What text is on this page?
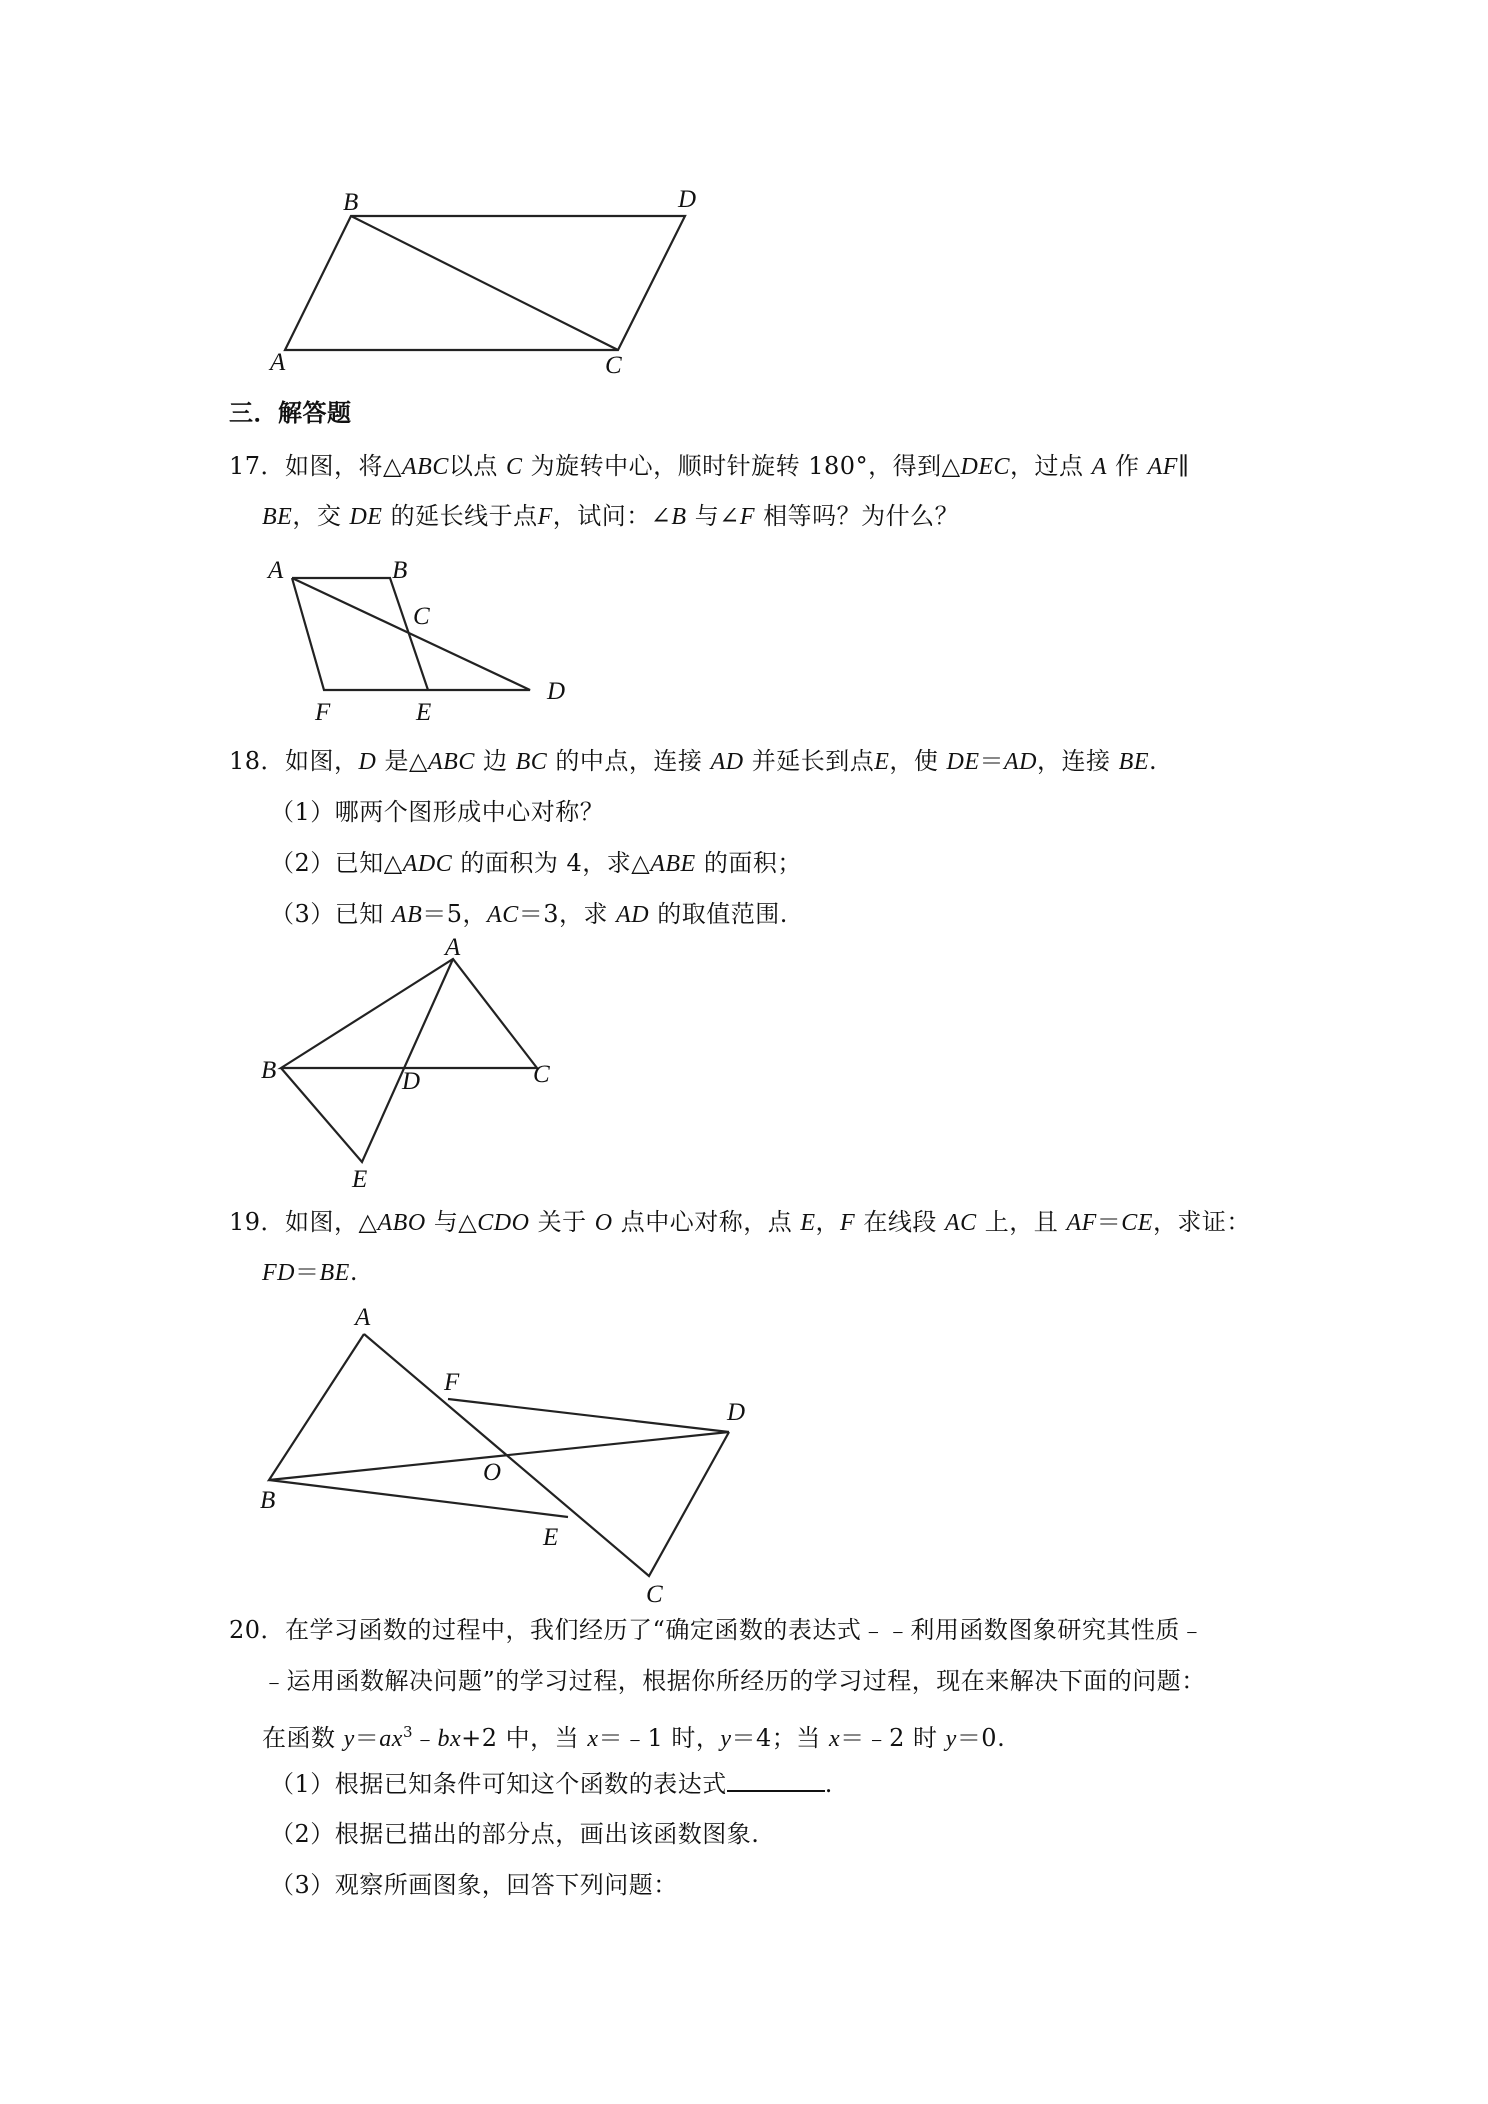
B	D
A	C
A	B
C
D
F	E
A
B	D	C
E
A
F
D
O
B
E
C
三．解答题
17．如图，将△ABC以点 C 为旋转中心，顺时针旋转 180°，得到△DEC，过点 A 作 AF∥
BE，交 DE 的延长线于点F，试问：∠B 与∠F 相等吗？为什么？
18．如图，D 是△ABC 边 BC 的中点，连接 AD 并延长到点E，使 DE＝AD，连接 BE.
（1）哪两个图形成中心对称？
（2）已知△ADC 的面积为 4，求△ABE 的面积；
（3）已知 AB＝5，AC＝3，求 AD 的取值范围.
19．如图，△ABO 与△CDO 关于 O 点中心对称，点 E，F 在线段 AC 上，且 AF＝CE，求证：
FD＝BE.
20．在学习函数的过程中，我们经历了“确定函数的表达式﹣﹣利用函数图象研究其性质﹣
﹣运用函数解决问题”的学习过程，根据你所经历的学习过程，现在来解决下面的问题：
在函数 $y=ax^3﹣bx+2$ 中，当 x＝﹣1 时，y＝4；当 x＝﹣2 时 y＝0.
（1）根据已知条件可知这个函数的表达式	.
（2）根据已描出的部分点，画出该函数图象.
（3）观察所画图象，回答下列问题：
